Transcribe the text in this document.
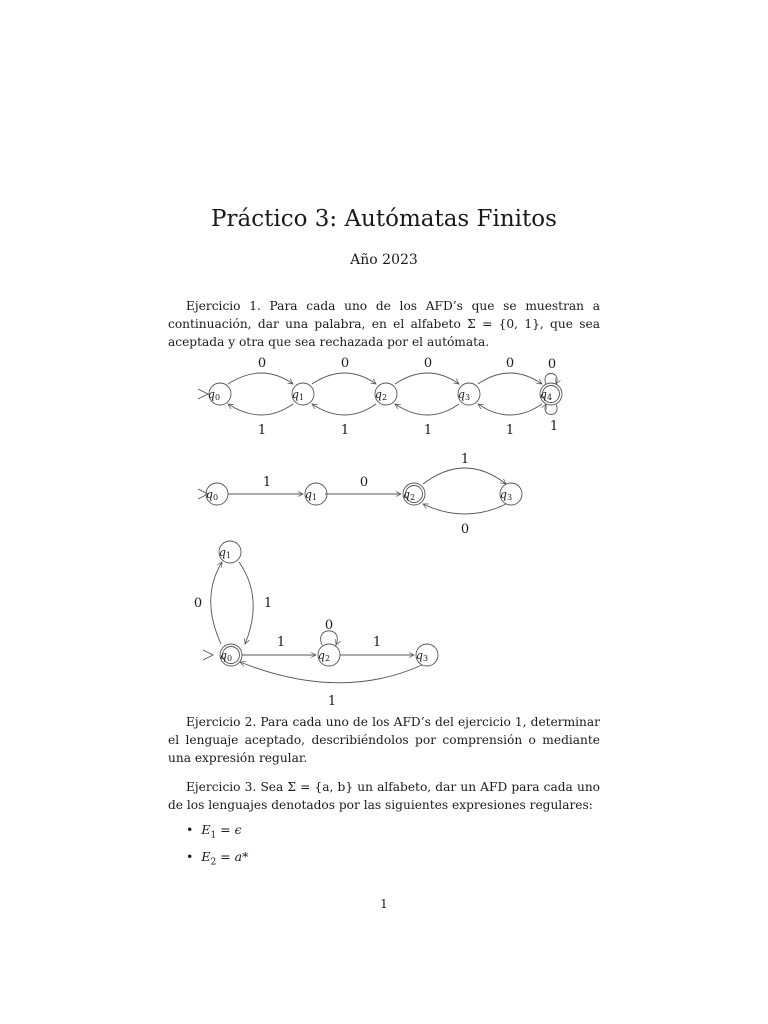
Práctico 3: Autómatas Finitos
Año 2023
Ejercicio 1. Para cada uno de los AFD’s que se muestran a continuación, dar una palabra, en el alfabeto Σ = {0, 1}, que sea aceptada y otra que sea rechazada por el autómata.
0	0	0	0	0
1	1	1	1	1
q0	q1	q2	q3	q4
1	0
1
0
q0	q1	q2	q3
0	1
1
0
1
1
q1
q0	q2	q3
Ejercicio 2. Para cada uno de los AFD’s del ejercicio 1, determinar el lenguaje aceptado, describiéndolos por comprensión o mediante una expresión regular.
Ejercicio 3. Sea Σ = {a, b} un alfabeto, dar un AFD para cada uno de los lenguajes denotados por las siguientes expresiones regulares:
• $E_1 = \epsilon$
• $E_2 = a*$
1
